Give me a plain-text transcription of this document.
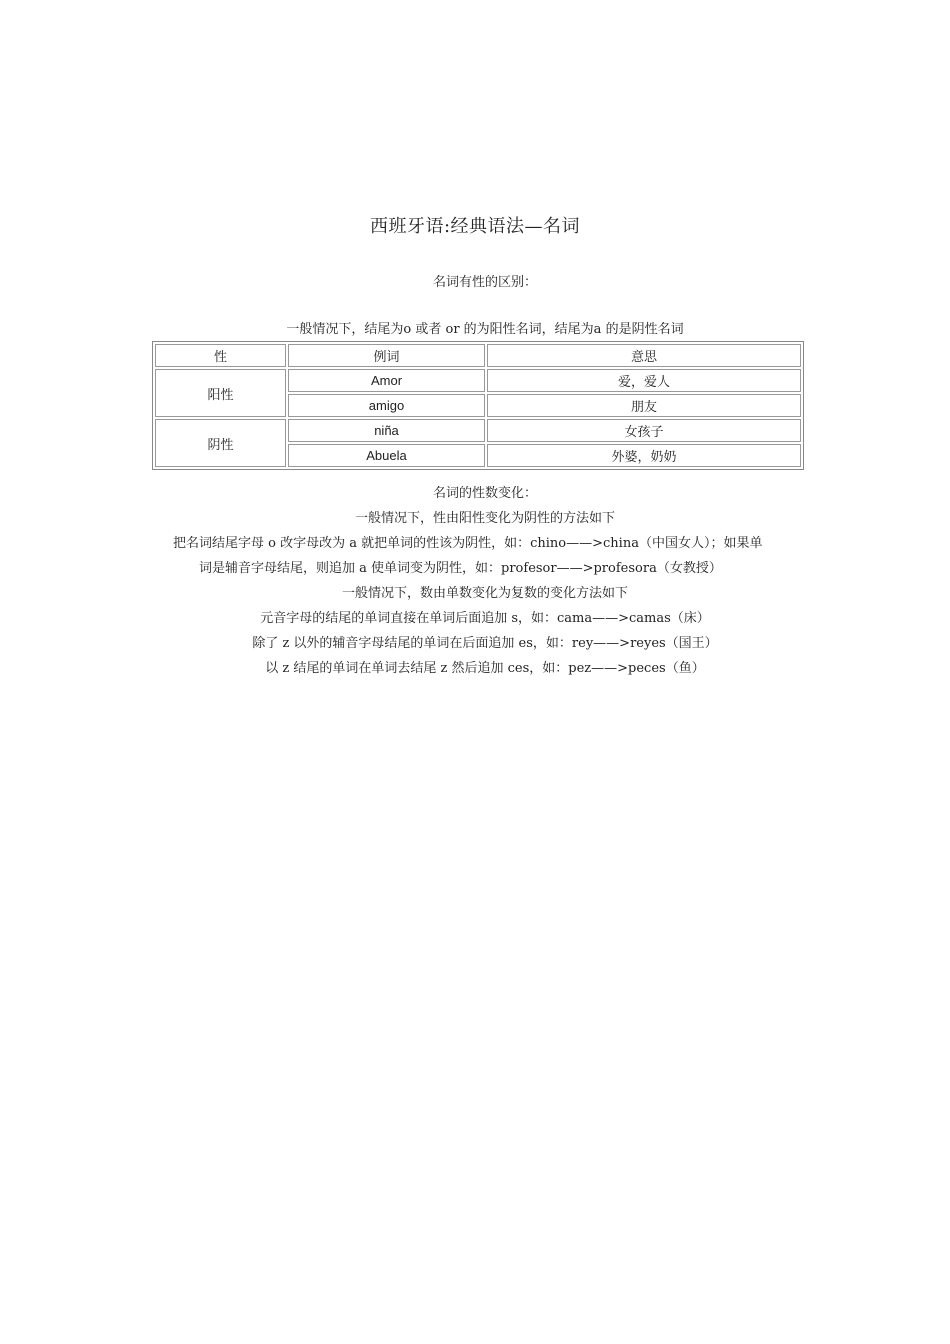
西班牙语:经典语法—名词
名词有性的区别：
一般情况下，结尾为o 或者 or 的为阳性名词，结尾为a 的是阴性名词
性	例词	意思
阳性	Amor	爱，爱人
	amigo	朋友
阴性	niña	女孩子
	Abuela	外婆，奶奶
名词的性数变化：
一般情况下，性由阳性变化为阴性的方法如下
把名词结尾字母 o 改字母改为 a 就把单词的性该为阴性，如：chino——>china（中国女人）；如果单
词是辅音字母结尾，则追加 a 使单词变为阴性，如：profesor——>profesora（女教授）
一般情况下，数由单数变化为复数的变化方法如下
元音字母的结尾的单词直接在单词后面追加 s，如：cama——>camas（床）
除了 z 以外的辅音字母结尾的单词在后面追加 es，如：rey——>reyes（国王）
以 z 结尾的单词在单词去结尾 z 然后追加 ces，如：pez——>peces（鱼）
